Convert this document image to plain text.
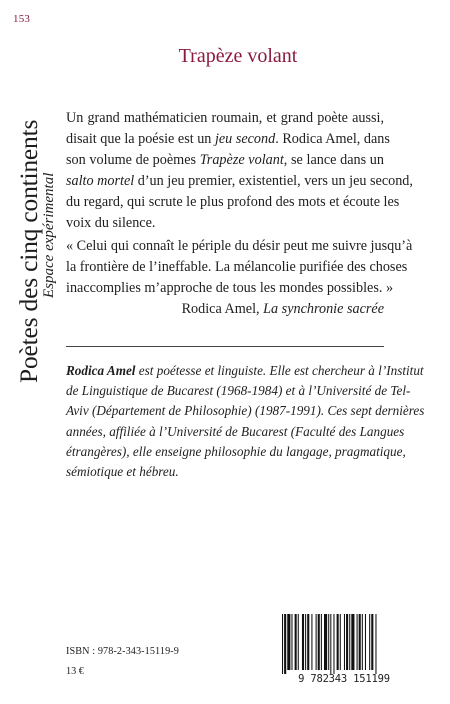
153
Poètes des cinq continents
Espace expérimental
Trapèze volant
Un grand mathématicien roumain, et grand poète aussi,
disait que la poésie est un jeu second. Rodica Amel, dans
son volume de poèmes Trapèze volant, se lance dans un
salto mortel d’un jeu premier, existentiel, vers un jeu second,
du regard, qui scrute le plus profond des mots et écoute les
voix du silence.
« Celui qui connaît le périple du désir peut me suivre jusqu’à
la frontière de l’ineffable. La mélancolie purifiée des choses
inaccomplies m’approche de tous les mondes possibles. »
Rodica Amel, La synchronie sacrée
Rodica Amel est poétesse et linguiste. Elle est chercheur à l’Institut
de Linguistique de Bucarest (1968-1984) et à l’Université de Tel-
Aviv (Département de Philosophie) (1987-1991). Ces sept dernières
années, affiliée à l’Université de Bucarest (Faculté des Langues
étrangères), elle enseigne philosophie du langage, pragmatique,
sémiotique et hébreu.
ISBN : 978-2-343-15119-9
13 €
9 782343 151199
